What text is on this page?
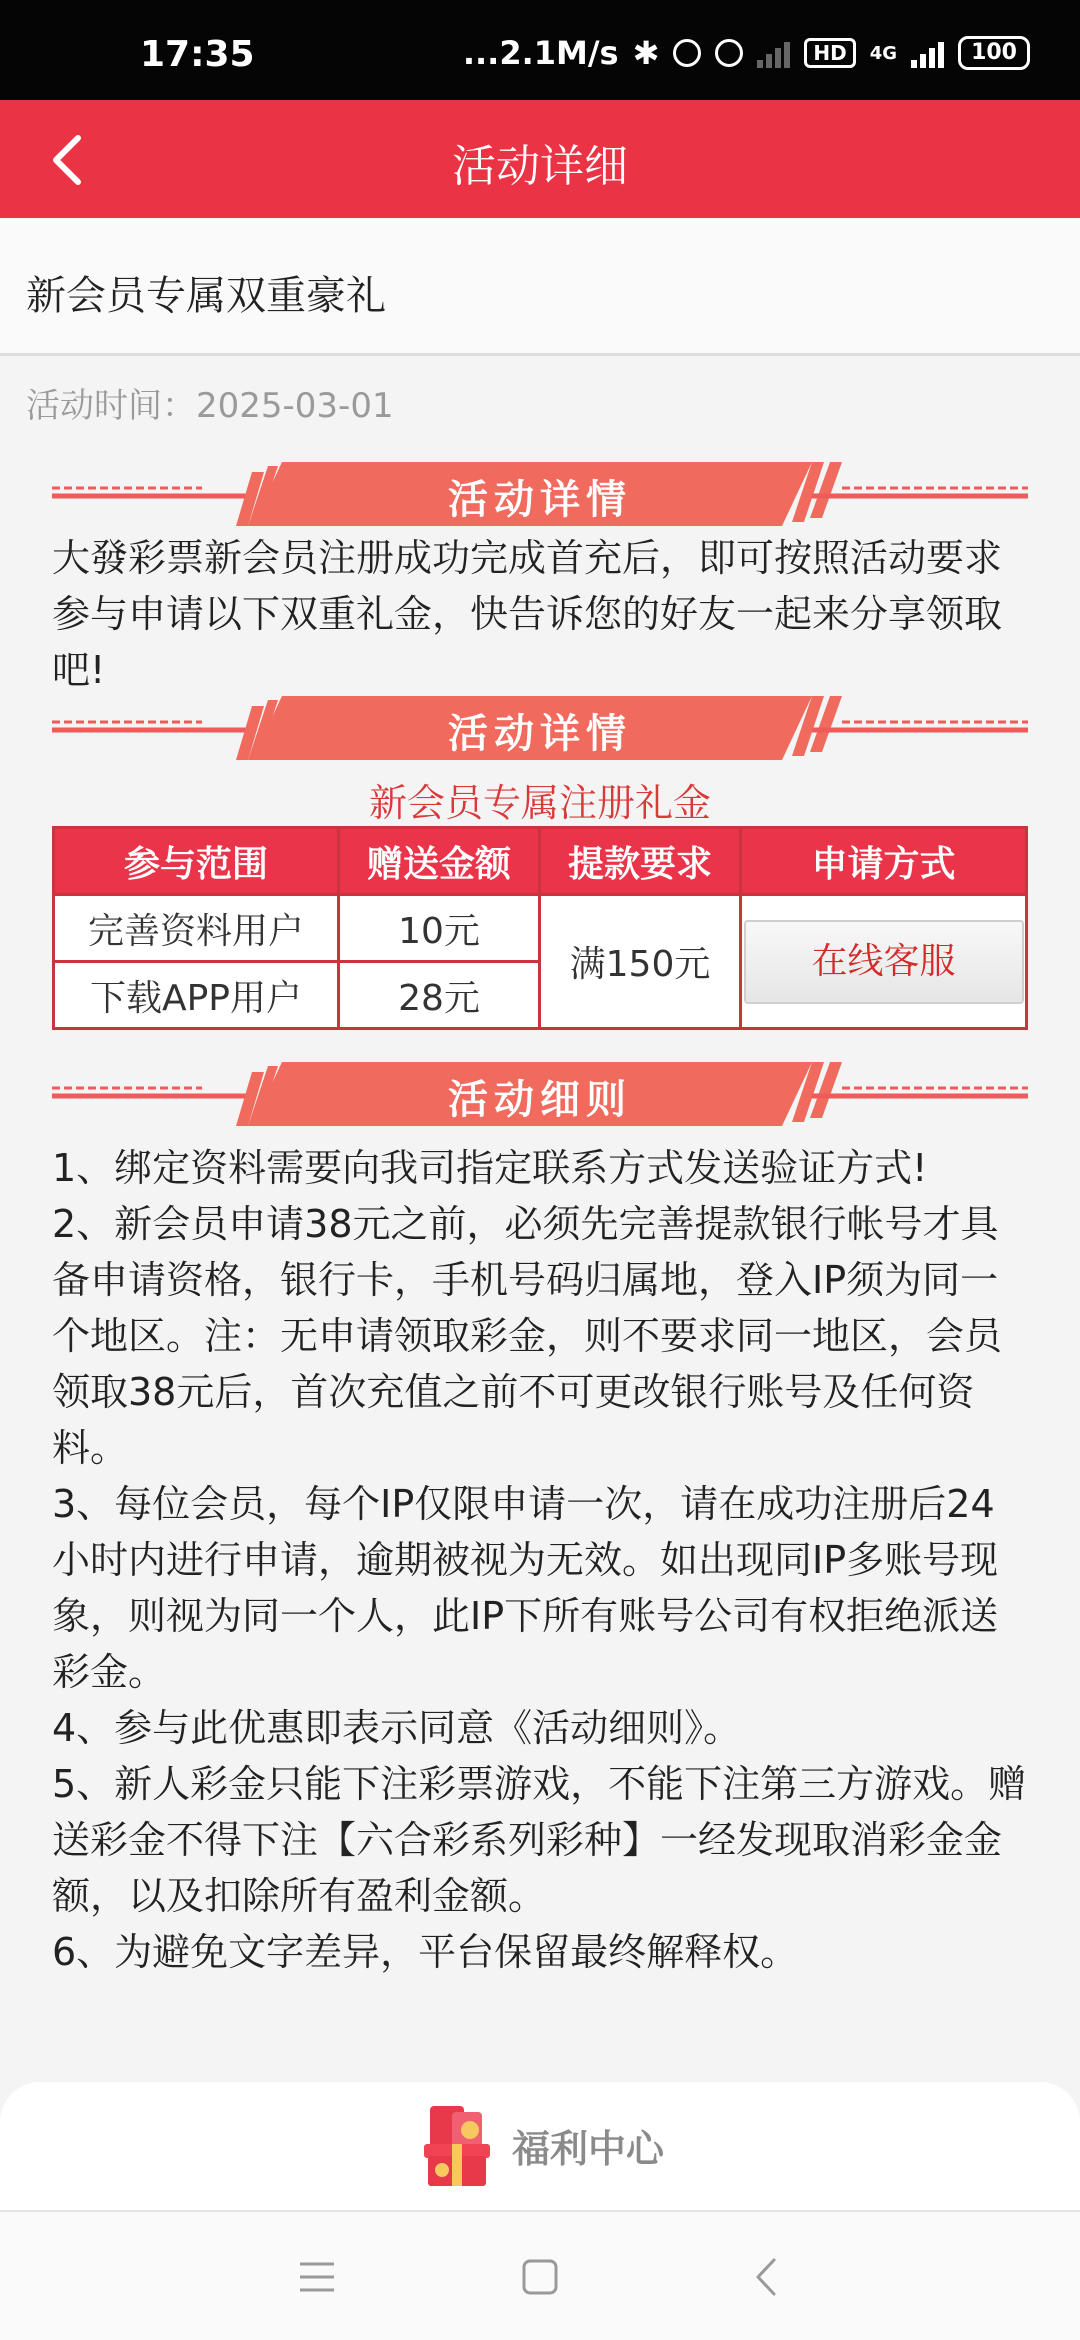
17:35	...2.1M/s ✱	HD	4G	100
活动详细
新会员专属双重豪礼
活动时间：2025-03-01
活动详情
大發彩票新会员注册成功完成首充后，即可按照活动要求参与申请以下双重礼金，快告诉您的好友一起来分享领取吧!
活动详情
新会员专属注册礼金
参与范围	赠送金额	提款要求	申请方式
完善资料用户	10元	满150元	在线客服
下载APP用户	28元		
活动细则
1、绑定资料需要向我司指定联系方式发送验证方式!
2、新会员申请38元之前，必须先完善提款银行帐号才具备申请资格，银行卡，手机号码归属地，登入IP须为同一个地区。注：无申请领取彩金，则不要求同一地区，会员领取38元后，首次充值之前不可更改银行账号及任何资料。
3、每位会员，每个IP仅限申请一次，请在成功注册后24小时内进行申请，逾期被视为无效。如出现同IP多账号现象，则视为同一个人，此IP下所有账号公司有权拒绝派送彩金。
4、参与此优惠即表示同意《活动细则》。
5、新人彩金只能下注彩票游戏，不能下注第三方游戏。赠送彩金不得下注【六合彩系列彩种】一经发现取消彩金金额，以及扣除所有盈利金额。
6、为避免文字差异，平台保留最终解释权。
福利中心
